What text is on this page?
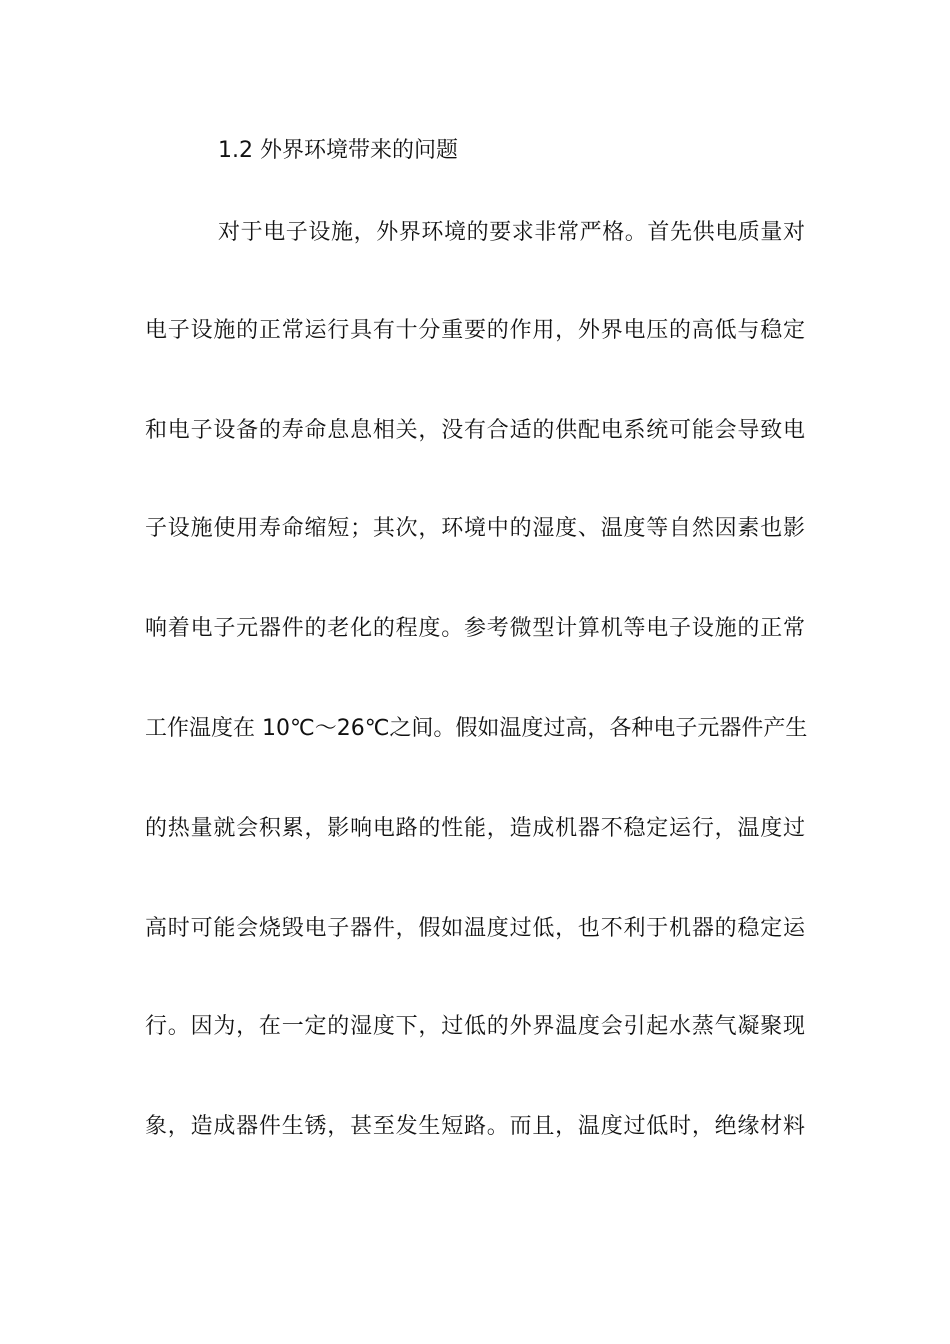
1.2 外界环境带来的问题
对于电子设施，外界环境的要求非常严格。首先供电质量对
电子设施的正常运行具有十分重要的作用，外界电压的高低与稳定
和电子设备的寿命息息相关，没有合适的供配电系统可能会导致电
子设施使用寿命缩短；其次，环境中的湿度、温度等自然因素也影
响着电子元器件的老化的程度。参考微型计算机等电子设施的正常
工作温度在 10℃～26℃之间。假如温度过高，各种电子元器件产生
的热量就会积累，影响电路的性能，造成机器不稳定运行，温度过
高时可能会烧毁电子器件，假如温度过低，也不利于机器的稳定运
行。因为，在一定的湿度下，过低的外界温度会引起水蒸气凝聚现
象，造成器件生锈，甚至发生短路。而且，温度过低时，绝缘材料
